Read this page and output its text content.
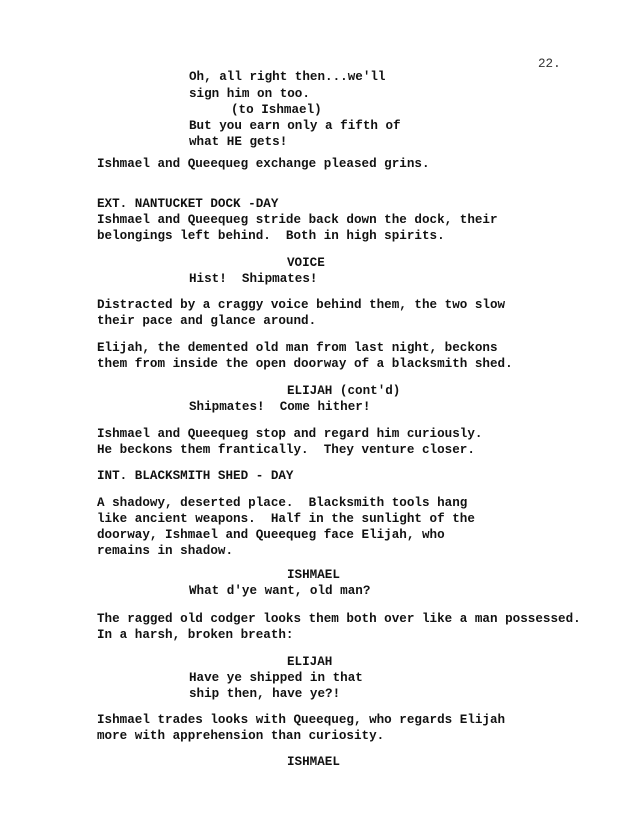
22.
Oh, all right then...we'll
sign him on too.
(to Ishmael)
But you earn only a fifth of
what HE gets!
Ishmael and Queequeg exchange pleased grins.
EXT. NANTUCKET DOCK -DAY
Ishmael and Queequeg stride back down the dock, their
belongings left behind.  Both in high spirits.
VOICE
Hist!  Shipmates!
Distracted by a craggy voice behind them, the two slow
their pace and glance around.
Elijah, the demented old man from last night, beckons
them from inside the open doorway of a blacksmith shed.
ELIJAH (cont'd)
Shipmates!  Come hither!
Ishmael and Queequeg stop and regard him curiously.
He beckons them frantically.  They venture closer.
INT. BLACKSMITH SHED - DAY
A shadowy, deserted place.  Blacksmith tools hang
like ancient weapons.  Half in the sunlight of the
doorway, Ishmael and Queequeg face Elijah, who
remains in shadow.
ISHMAEL
What d'ye want, old man?
The ragged old codger looks them both over like a man possessed.
In a harsh, broken breath:
ELIJAH
Have ye shipped in that
ship then, have ye?!
Ishmael trades looks with Queequeg, who regards Elijah
more with apprehension than curiosity.
ISHMAEL
